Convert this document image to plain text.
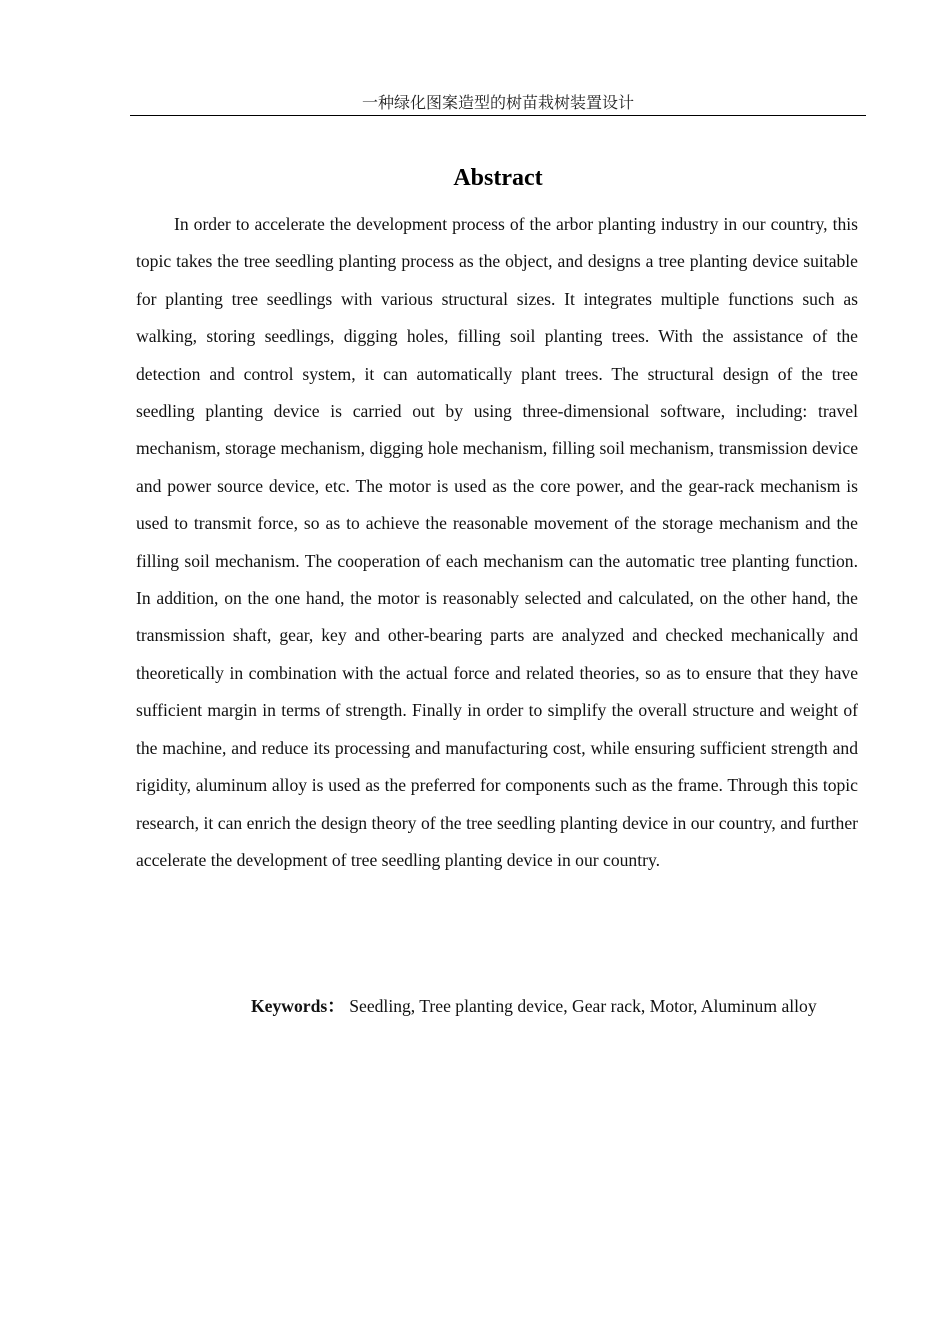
一种绿化图案造型的树苗栽树装置设计
Abstract

In order to accelerate the development process of the arbor planting industry in our country, this topic takes the tree seedling planting process as the object, and designs a tree planting device suitable for planting tree seedlings with various structural sizes. It integrates multiple functions such as walking, storing seedlings, digging holes, filling soil planting trees. With the assistance of the detection and control system, it can automatically plant trees. The structural design of the tree seedling planting device is carried out by using three-dimensional software, including: travel mechanism, storage mechanism, digging hole mechanism, filling soil mechanism, transmission device and power source device, etc. The motor is used as the core power, and the gear-rack mechanism is used to transmit force, so as to achieve the reasonable movement of the storage mechanism and the filling soil mechanism. The cooperation of each mechanism can the automatic tree planting function. In addition, on the one hand, the motor is reasonably selected and calculated, on the other hand, the transmission shaft, gear, key and other-bearing parts are analyzed and checked mechanically and theoretically in combination with the actual force and related theories, so as to ensure that they have sufficient margin in terms of strength. Finally in order to simplify the overall structure and weight of the machine, and reduce its processing and manufacturing cost, while ensuring sufficient strength and rigidity, aluminum alloy is used as the preferred for components such as the frame. Through this topic research, it can enrich the design theory of the tree seedling planting device in our country, and further accelerate the development of tree seedling planting device in our country.

Keywords： Seedling, Tree planting device, Gear rack, Motor, Aluminum alloy
